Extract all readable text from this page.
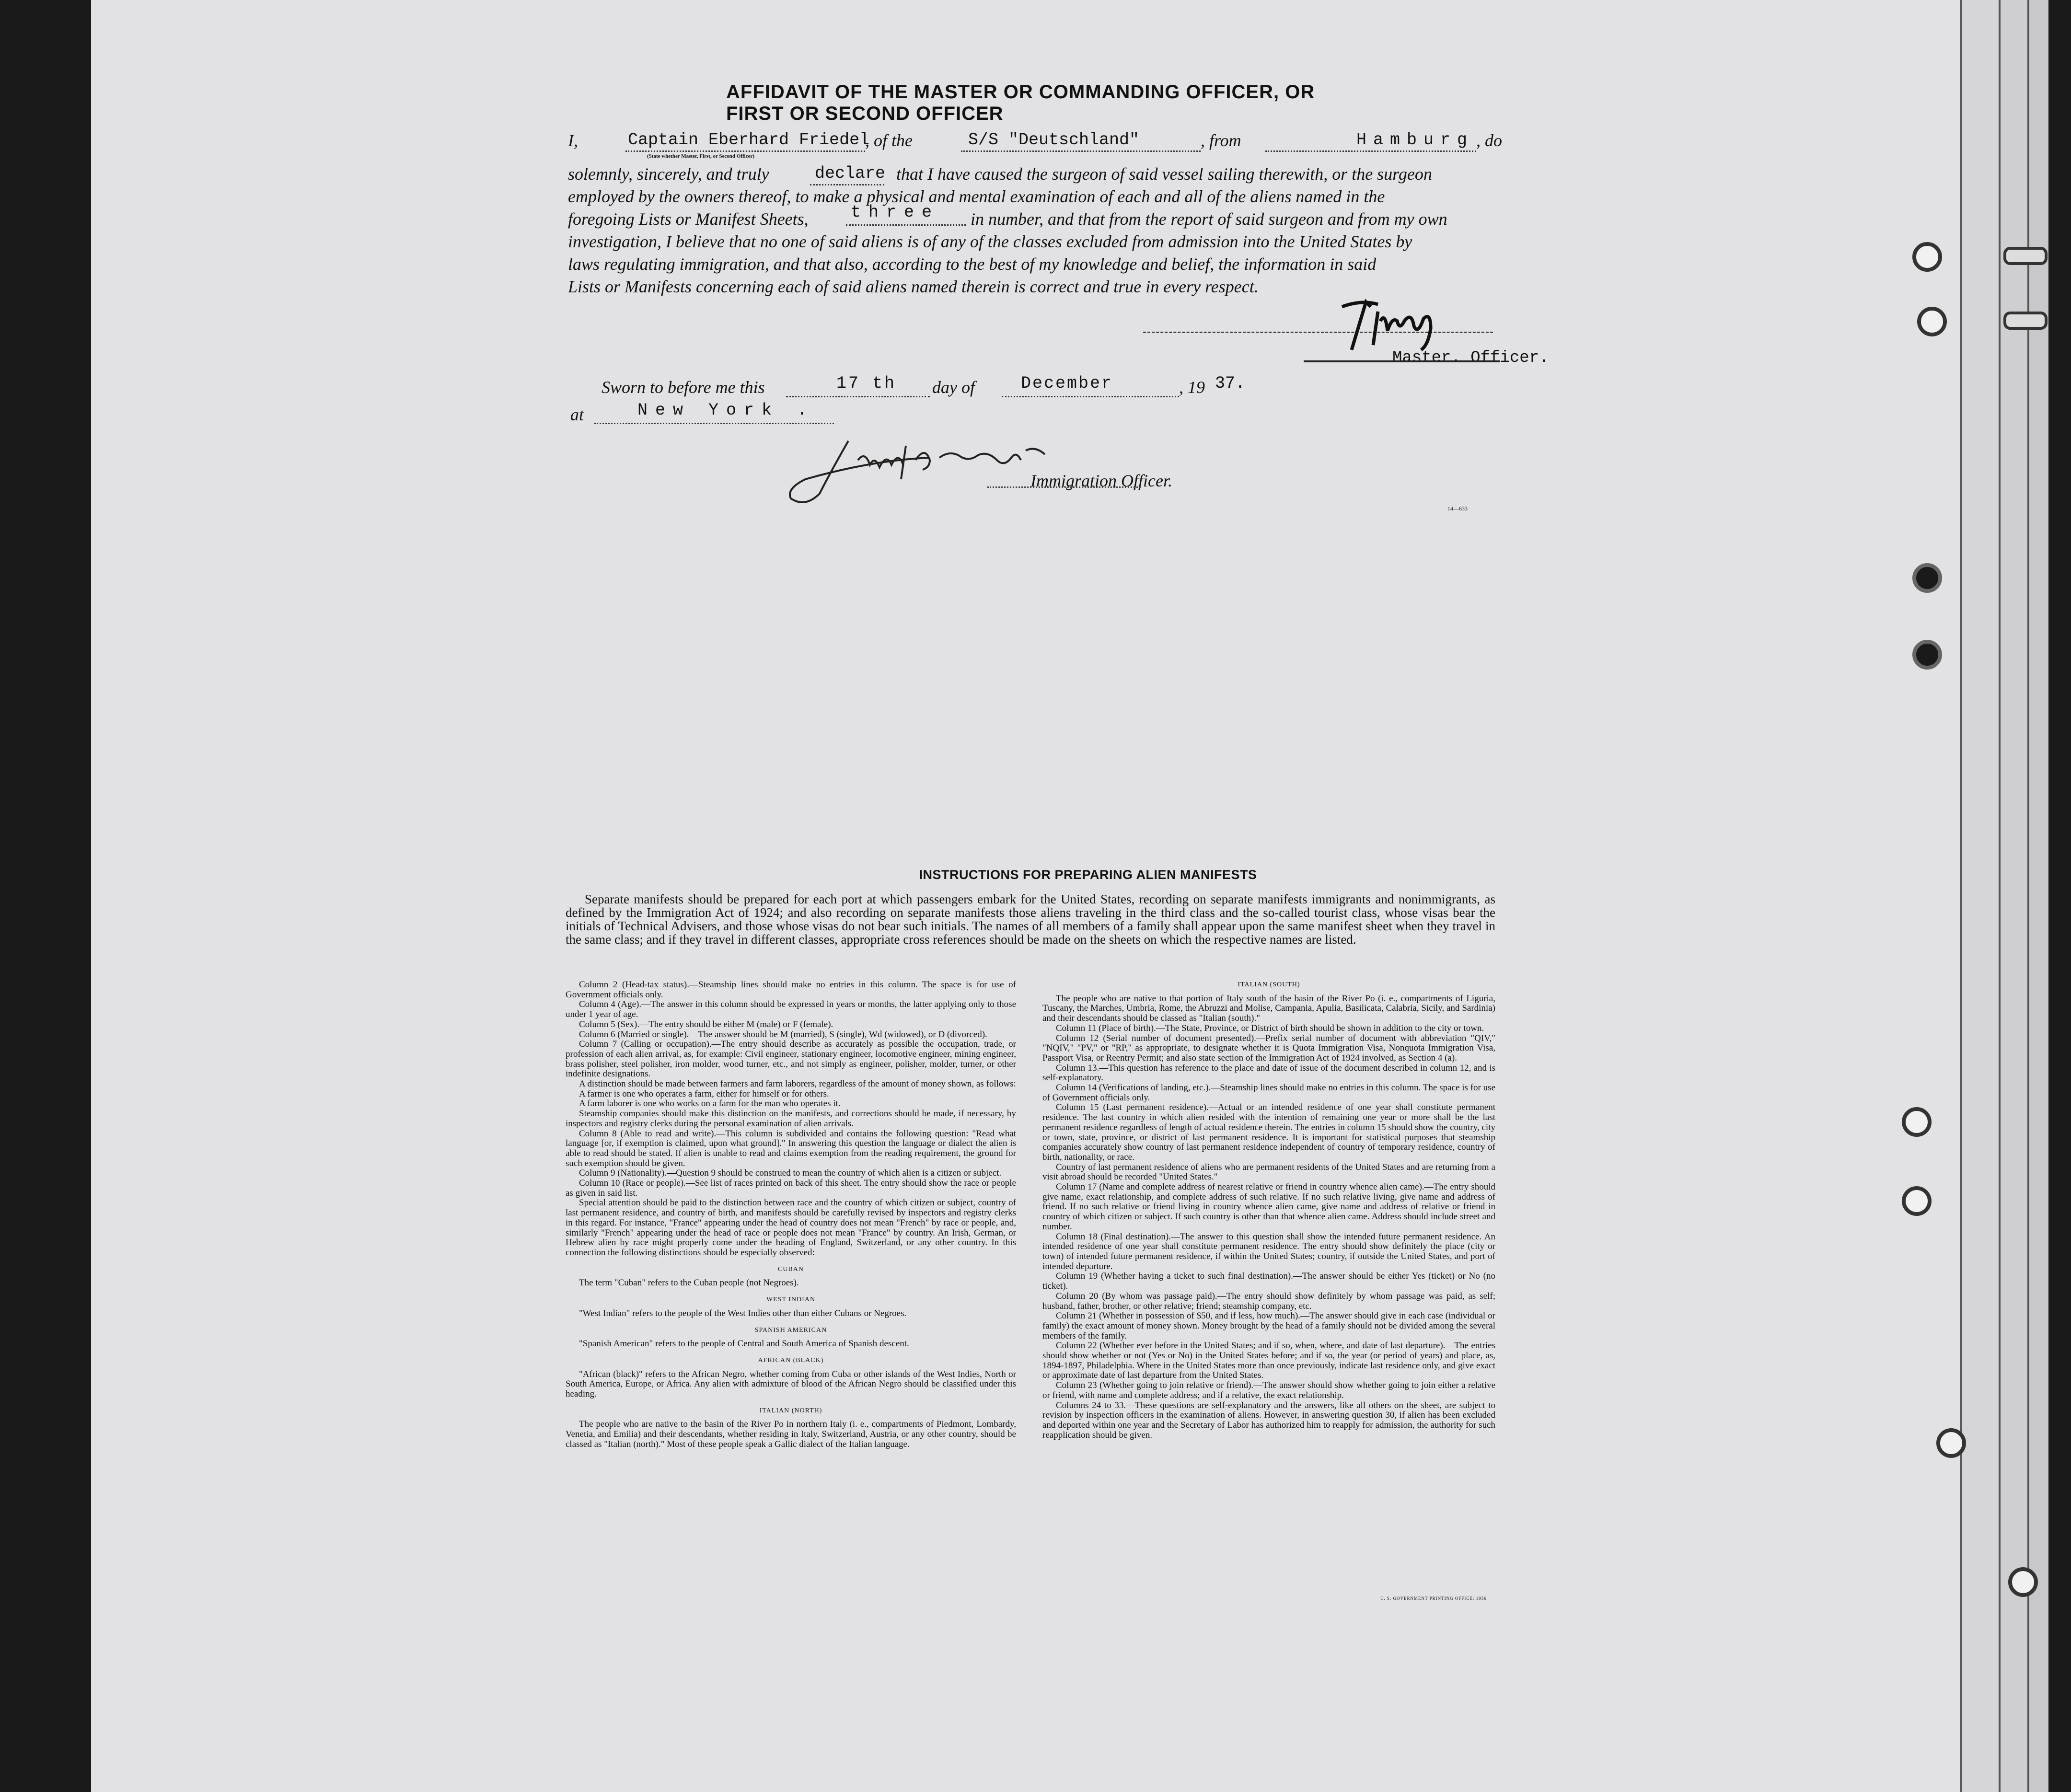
AFFIDAVIT OF THE MASTER OR COMMANDING OFFICER, OR FIRST OR SECOND OFFICER
I,	Captain Eberhard Friedel
(State whether Master, First, or Second Officer)
, of the	S/S "Deutschland"	, from	Hamburg , do
solemnly, sincerely, and truly	declare that I have caused the surgeon of said vessel sailing therewith, or the surgeon
employed by the owners thereof, to make a physical and mental examination of each and all of the aliens named in the
foregoing Lists or Manifest Sheets,	three in number, and that from the report of said surgeon and from my own
investigation, I believe that no one of said aliens is of any of the classes excluded from admission into the United States by
laws regulating immigration, and that also, according to the best of my knowledge and belief, the information in said
Lists or Manifests concerning each of said aliens named therein is correct and true in every respect.
Master. Officer.
Sworn to before me this	17 th day of	December	, 19 37.
at	New York .
Immigration Officer.
14—633
INSTRUCTIONS FOR PREPARING ALIEN MANIFESTS
Separate manifests should be prepared for each port at which passengers embark for the United States, recording on separate manifests immigrants and nonimmigrants, as defined by the Immigration Act of 1924; and also recording on separate manifests those aliens traveling in the third class and the so-called tourist class, whose visas bear the initials of Technical Advisers, and those whose visas do not bear such initials. The names of all members of a family shall appear upon the same manifest sheet when they travel in the same class; and if they travel in different classes, appropriate cross references should be made on the sheets on which the respective names are listed.

Column 2 (Head-tax status).—Steamship lines should make no entries in this column. The space is for use of Government officials only.

Column 4 (Age).—The answer in this column should be expressed in years or months, the latter applying only to those under 1 year of age.

Column 5 (Sex).—The entry should be either M (male) or F (female).

Column 6 (Married or single).—The answer should be M (married), S (single), Wd (widowed), or D (divorced).

Column 7 (Calling or occupation).—The entry should describe as accurately as possible the occupation, trade, or profession of each alien arrival, as, for example: Civil engineer, stationary engineer, locomotive engineer, mining engineer, brass polisher, steel polisher, iron molder, wood turner, etc., and not simply as engineer, polisher, molder, turner, or other indefinite designations.

A distinction should be made between farmers and farm laborers, regardless of the amount of money shown, as follows:

A farmer is one who operates a farm, either for himself or for others.

A farm laborer is one who works on a farm for the man who operates it.

Steamship companies should make this distinction on the manifests, and corrections should be made, if necessary, by inspectors and registry clerks during the personal examination of alien arrivals.

Column 8 (Able to read and write).—This column is subdivided and contains the following question: "Read what language [or, if exemption is claimed, upon what ground]." In answering this question the language or dialect the alien is able to read should be stated. If alien is unable to read and claims exemption from the reading requirement, the ground for such exemption should be given.

Column 9 (Nationality).—Question 9 should be construed to mean the country of which alien is a citizen or subject.

Column 10 (Race or people).—See list of races printed on back of this sheet. The entry should show the race or people as given in said list.

Special attention should be paid to the distinction between race and the country of which citizen or subject, country of last permanent residence, and country of birth, and manifests should be carefully revised by inspectors and registry clerks in this regard. For instance, "France" appearing under the head of country does not mean "French" by race or people, and, similarly "French" appearing under the head of race or people does not mean "France" by country. An Irish, German, or Hebrew alien by race might properly come under the heading of England, Switzerland, or any other country. In this connection the following distinctions should be especially observed:

CUBAN

The term "Cuban" refers to the Cuban people (not Negroes).

WEST INDIAN

"West Indian" refers to the people of the West Indies other than either Cubans or Negroes.

SPANISH AMERICAN

"Spanish American" refers to the people of Central and South America of Spanish descent.

AFRICAN (BLACK)

"African (black)" refers to the African Negro, whether coming from Cuba or other islands of the West Indies, North or South America, Europe, or Africa. Any alien with admixture of blood of the African Negro should be classified under this heading.

ITALIAN (NORTH)

The people who are native to the basin of the River Po in northern Italy (i. e., compartments of Piedmont, Lombardy, Venetia, and Emilia) and their descendants, whether residing in Italy, Switzerland, Austria, or any other country, should be classed as "Italian (north)." Most of these people speak a Gallic dialect of the Italian language.

ITALIAN (SOUTH)

The people who are native to that portion of Italy south of the basin of the River Po (i. e., compartments of Liguria, Tuscany, the Marches, Umbria, Rome, the Abruzzi and Molise, Campania, Apulia, Basilicata, Calabria, Sicily, and Sardinia) and their descendants should be classed as "Italian (south)."

Column 11 (Place of birth).—The State, Province, or District of birth should be shown in addition to the city or town.

Column 12 (Serial number of document presented).—Prefix serial number of document with abbreviation "QIV," "NQIV," "PV," or "RP," as appropriate, to designate whether it is Quota Immigration Visa, Nonquota Immigration Visa, Passport Visa, or Reentry Permit; and also state section of the Immigration Act of 1924 involved, as Section 4 (a).

Column 13.—This question has reference to the place and date of issue of the document described in column 12, and is self-explanatory.

Column 14 (Verifications of landing, etc.).—Steamship lines should make no entries in this column. The space is for use of Government officials only.

Column 15 (Last permanent residence).—Actual or an intended residence of one year shall constitute permanent residence. The last country in which alien resided with the intention of remaining one year or more shall be the last permanent residence regardless of length of actual residence therein. The entries in column 15 should show the country, city or town, state, province, or district of last permanent residence. It is important for statistical purposes that steamship companies accurately show country of last permanent residence independent of country of temporary residence, country of birth, nationality, or race.

Country of last permanent residence of aliens who are permanent residents of the United States and are returning from a visit abroad should be recorded "United States."

Column 17 (Name and complete address of nearest relative or friend in country whence alien came).—The entry should give name, exact relationship, and complete address of such relative. If no such relative living, give name and address of friend. If no such relative or friend living in country whence alien came, give name and address of relative or friend in country of which citizen or subject. If such country is other than that whence alien came. Address should include street and number.

Column 18 (Final destination).—The answer to this question shall show the intended future permanent residence. An intended residence of one year shall constitute permanent residence. The entry should show definitely the place (city or town) of intended future permanent residence, if within the United States; country, if outside the United States, and port of intended departure.

Column 19 (Whether having a ticket to such final destination).—The answer should be either Yes (ticket) or No (no ticket).

Column 20 (By whom was passage paid).—The entry should show definitely by whom passage was paid, as self; husband, father, brother, or other relative; friend; steamship company, etc.

Column 21 (Whether in possession of $50, and if less, how much).—The answer should give in each case (individual or family) the exact amount of money shown. Money brought by the head of a family should not be divided among the several members of the family.

Column 22 (Whether ever before in the United States; and if so, when, where, and date of last departure).—The entries should show whether or not (Yes or No) in the United States before; and if so, the year (or period of years) and place, as, 1894-1897, Philadelphia. Where in the United States more than once previously, indicate last residence only, and give exact or approximate date of last departure from the United States.

Column 23 (Whether going to join relative or friend).—The answer should show whether going to join either a relative or friend, with name and complete address; and if a relative, the exact relationship.

Columns 24 to 33.—These questions are self-explanatory and the answers, like all others on the sheet, are subject to revision by inspection officers in the examination of aliens. However, in answering question 30, if alien has been excluded and deported within one year and the Secretary of Labor has authorized him to reapply for admission, the authority for such reapplication should be given.

U. S. GOVERNMENT PRINTING OFFICE: 1936
